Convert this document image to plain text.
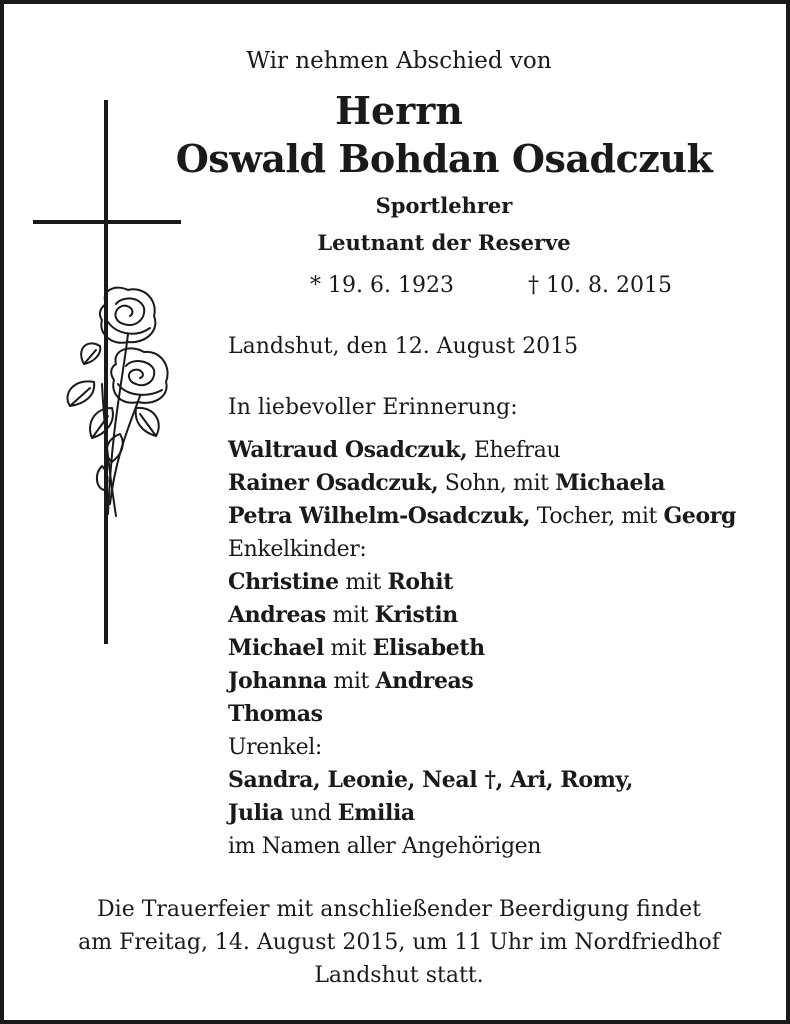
Wir nehmen Abschied von
Herrn
Oswald Bohdan Osadczuk
Sportlehrer
Leutnant der Reserve
* 19. 6. 1923	† 10. 8. 2015
Landshut, den 12. August 2015
In liebevoller Erinnerung:
Waltraud Osadczuk, Ehefrau
Rainer Osadczuk, Sohn, mit Michaela
Petra Wilhelm-Osadczuk, Tocher, mit Georg
Enkelkinder:
Christine mit Rohit
Andreas mit Kristin
Michael mit Elisabeth
Johanna mit Andreas
Thomas
Urenkel:
Sandra, Leonie, Neal †, Ari, Romy,
Julia und Emilia
im Namen aller Angehörigen
Die Trauerfeier mit anschließender Beerdigung findet
am Freitag, 14. August 2015, um 11 Uhr im Nordfriedhof
Landshut statt.
